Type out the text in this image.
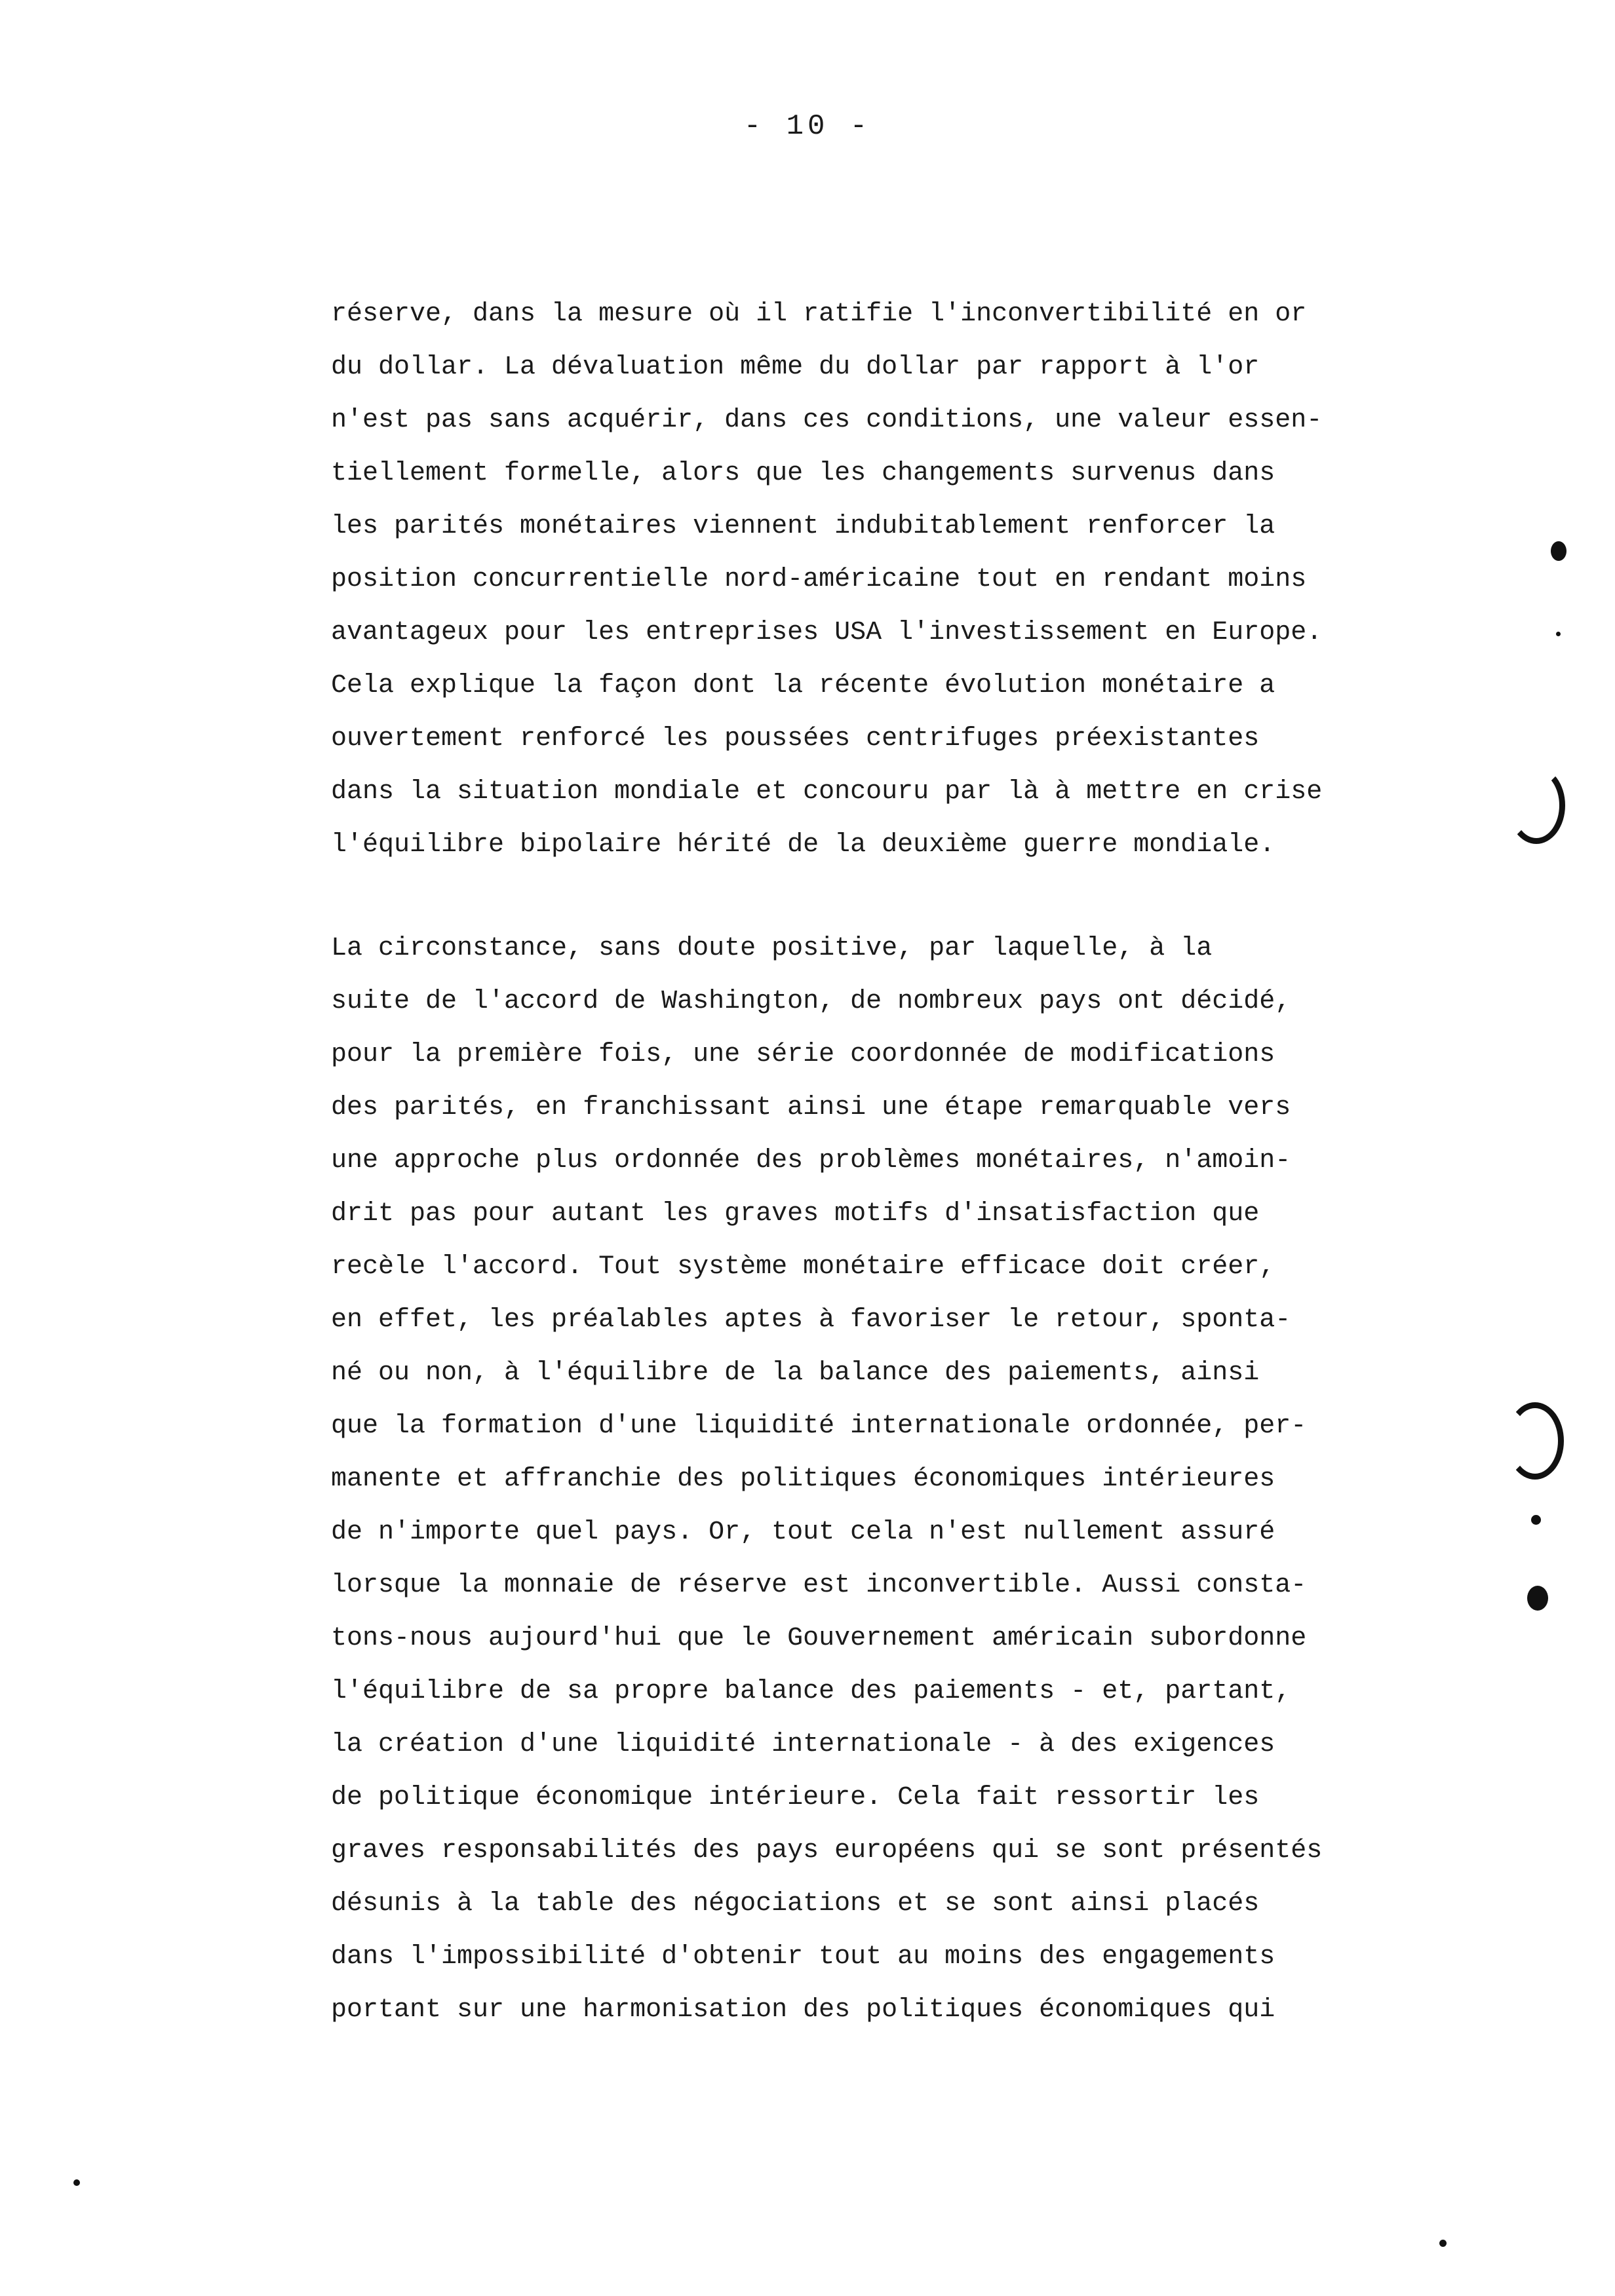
- 10 -
réserve, dans la mesure où il ratifie l'inconvertibilité en or
du dollar. La dévaluation même du dollar par rapport à l'or
n'est pas sans acquérir, dans ces conditions, une valeur essen-
tiellement formelle, alors que les changements survenus dans
les parités monétaires viennent indubitablement renforcer la
position concurrentielle nord-américaine tout en rendant moins
avantageux pour les entreprises USA l'investissement en Europe.
Cela explique la façon dont la récente évolution monétaire a
ouvertement renforcé les poussées centrifuges préexistantes
dans la situation mondiale et concouru par là à mettre en crise
l'équilibre bipolaire hérité de la deuxième guerre mondiale.
La circonstance, sans doute positive, par laquelle, à la
suite de l'accord de Washington, de nombreux pays ont décidé,
pour la première fois, une série coordonnée de modifications
des parités, en franchissant ainsi une étape remarquable vers
une approche plus ordonnée des problèmes monétaires, n'amoin-
drit pas pour autant les graves motifs d'insatisfaction que
recèle l'accord. Tout système monétaire efficace doit créer,
en effet, les préalables aptes à favoriser le retour, sponta-
né ou non, à l'équilibre de la balance des paiements, ainsi
que la formation d'une liquidité internationale ordonnée, per-
manente et affranchie des politiques économiques intérieures
de n'importe quel pays. Or, tout cela n'est nullement assuré
lorsque la monnaie de réserve est inconvertible. Aussi consta-
tons-nous aujourd'hui que le Gouvernement américain subordonne
l'équilibre de sa propre balance des paiements - et, partant,
la création d'une liquidité internationale - à des exigences
de politique économique intérieure. Cela fait ressortir les
graves responsabilités des pays européens qui se sont présentés
désunis à la table des négociations et se sont ainsi placés
dans l'impossibilité d'obtenir tout au moins des engagements
portant sur une harmonisation des politiques économiques qui
